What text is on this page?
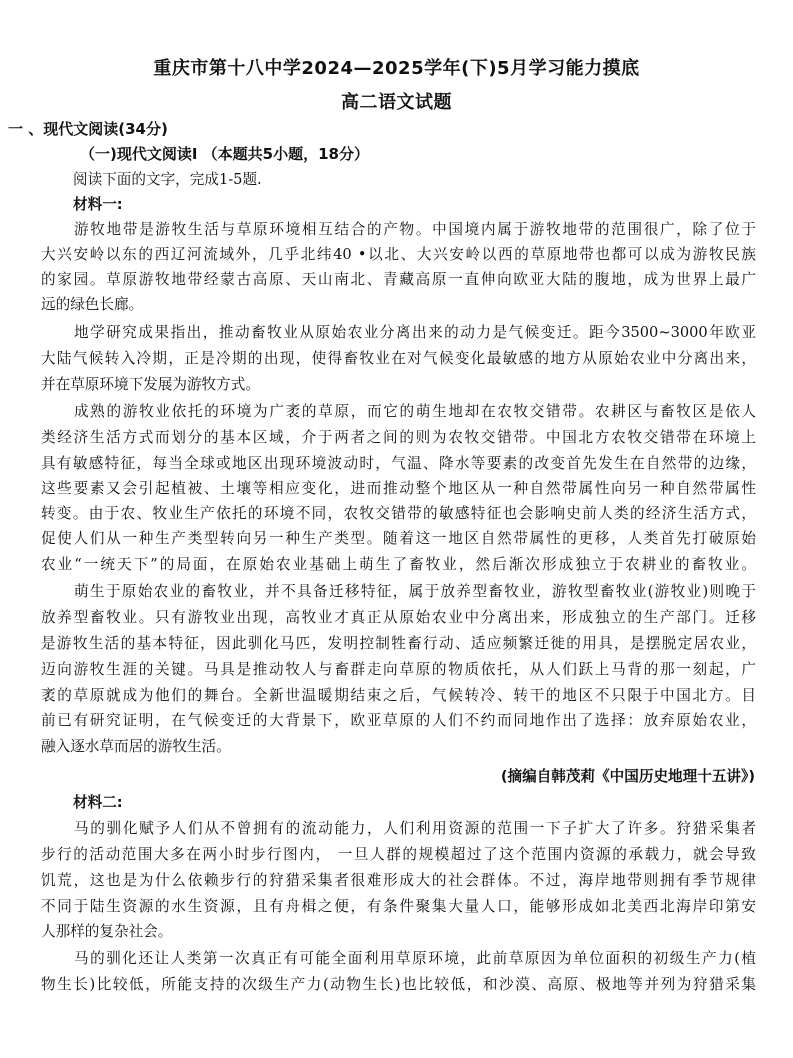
重庆市第十八中学2024—2025学年(下)5月学习能力摸底
高二语文试题
一 、现代文阅读(34分)
（一)现代文阅读Ⅰ （本题共5小题，18分）
阅读下面的文字，完成1-5题.
材料一:
游牧地带是游牧生活与草原环境相互结合的产物。中国境内属于游牧地带的范围很广，除了位于
大兴安岭以东的西辽河流域外，几乎北纬40 •以北、大兴安岭以西的草原地带也都可以成为游牧民族
的家园。草原游牧地带经蒙古高原、天山南北、青藏高原一直伸向欧亚大陆的腹地，成为世界上最广
远的绿色长廊。
地学研究成果指出，推动畜牧业从原始农业分离出来的动力是气候变迁。距今3500~3000年欧亚
大陆气候转入冷期，正是冷期的出现，使得畜牧业在对气候变化最敏感的地方从原始农业中分离出来，
并在草原环境下发展为游牧方式。
成熟的游牧业依托的环境为广袤的草原，而它的萌生地却在农牧交错带。农耕区与畜牧区是依人
类经济生活方式而划分的基本区域，介于两者之间的则为农牧交错带。中国北方农牧交错带在环境上
具有敏感特征，每当全球或地区出现环境波动时，气温、降水等要素的改变首先发生在自然带的边缘，
这些要素又会引起植被、土壤等相应变化，进而推动整个地区从一种自然带属性向另一种自然带属性
转变。由于农、牧业生产依托的环境不同，农牧交错带的敏感特征也会影响史前人类的经济生活方式，
促使人们从一种生产类型转向另一种生产类型。随着这一地区自然带属性的更移，人类首先打破原始
农业“一统天下”的局面，在原始农业基础上萌生了畜牧业，然后渐次形成独立于农耕业的畜牧业。
萌生于原始农业的畜牧业，并不具备迁移特征，属于放养型畜牧业，游牧型畜牧业(游牧业)则晚于
放养型畜牧业。只有游牧业出现，高牧业才真正从原始农业中分离出来，形成独立的生产部门。迁移
是游牧生活的基本特征，因此驯化马匹，发明控制牲畜行动、适应频繁迁徙的用具，是摆脱定居农业，
迈向游牧生涯的关键。马具是推动牧人与畜群走向草原的物质依托，从人们跃上马背的那一刻起，广
袤的草原就成为他们的舞台。全新世温暖期结束之后，气候转冷、转干的地区不只限于中国北方。目
前已有研究证明，在气候变迁的大背景下，欧亚草原的人们不约而同地作出了选择：放弃原始农业，
融入逐水草而居的游牧生活。
(摘编自韩茂莉《中国历史地理十五讲》)
材料二:
马的驯化赋予人们从不曾拥有的流动能力，人们利用资源的范围一下子扩大了许多。狩猎采集者
步行的活动范围大多在两小时步行图内， 一旦人群的规模超过了这个范围内资源的承载力，就会导致
饥荒，这也是为什么依赖步行的狩猎采集者很难形成大的社会群体。不过，海岸地带则拥有季节规律
不同于陆生资源的水生资源，且有舟楫之便，有条件聚集大量人口，能够形成如北美西北海岸印第安
人那样的复杂社会。
马的驯化还让人类第一次真正有可能全面利用草原环境，此前草原因为单位面积的初级生产力(植
物生长)比较低，所能支持的次级生产力(动物生长)也比较低，和沙漠、高原、极地等并列为狩猎采集
